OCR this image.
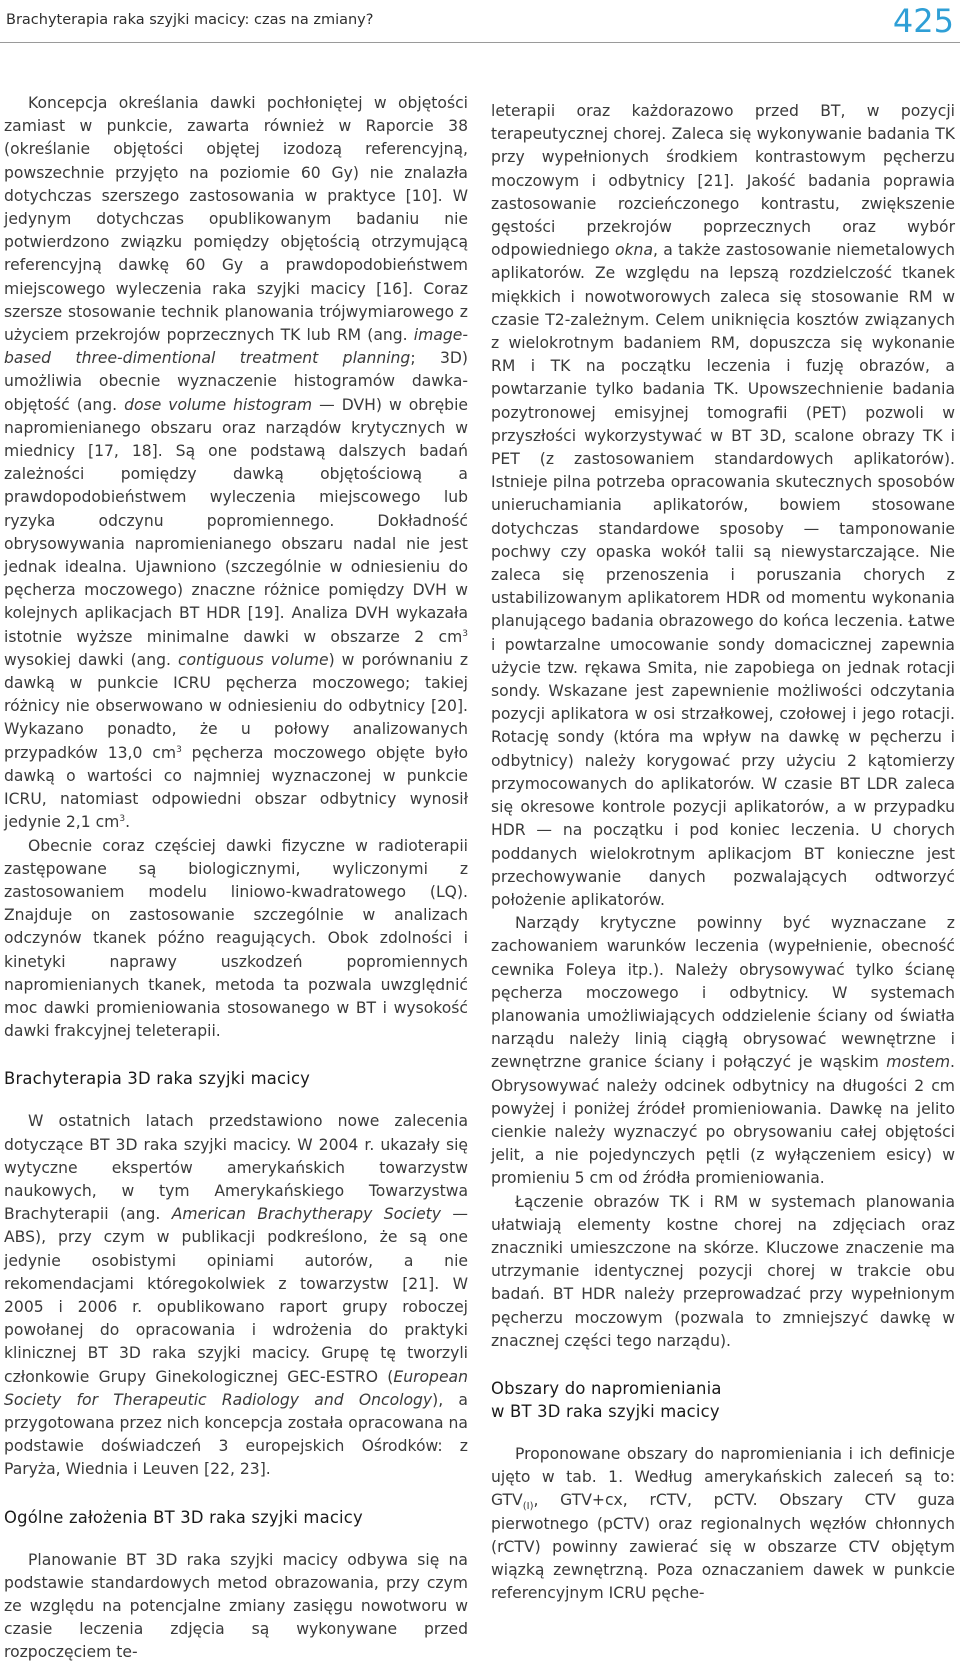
Brachyterapia raka szyjki macicy: czas na zmiany?	425

Koncepcja określania dawki pochłoniętej w objętości zamiast w punkcie, zawarta również w Raporcie 38 (określanie objętości objętej izodozą referencyjną, powszechnie przyjęto na poziomie 60 Gy) nie znalazła dotychczas szerszego zastosowania w praktyce [10]. W jedynym dotychczas opublikowanym badaniu nie potwierdzono związku pomiędzy objętością otrzymującą referencyjną dawkę 60 Gy a prawdopodobieństwem miejscowego wyleczenia raka szyjki macicy [16]. Coraz szersze stosowanie technik planowania trójwymiarowego z użyciem przekrojów poprzecznych TK lub RM (ang. image-based three-dimentional treatment planning; 3D) umożliwia obecnie wyznaczenie histogramów dawka-objętość (ang. dose volume histogram — DVH) w obrębie napromienianego obszaru oraz narządów krytycznych w miednicy [17, 18]. Są one podstawą dalszych badań zależności pomiędzy dawką objętościową a prawdopodobieństwem wyleczenia miejscowego lub ryzyka odczynu popromiennego. Dokładność obrysowywania napromienianego obszaru nadal nie jest jednak idealna. Ujawniono (szczególnie w odniesieniu do pęcherza moczowego) znaczne różnice pomiędzy DVH w kolejnych aplikacjach BT HDR [19]. Analiza DVH wykazała istotnie wyższe minimalne dawki w obszarze 2 $cm^3$ wysokiej dawki (ang. contiguous volume) w porównaniu z dawką w punkcie ICRU pęcherza moczowego; takiej różnicy nie obserwowano w odniesieniu do odbytnicy [20]. Wykazano ponadto, że u połowy analizowanych przypadków 13,0 $cm^3$ pęcherza moczowego objęte było dawką o wartości co najmniej wyznaczonej w punkcie ICRU, natomiast odpowiedni obszar odbytnicy wynosił jedynie 2,1 $cm^3$.

Obecnie coraz częściej dawki fizyczne w radioterapii zastępowane są biologicznymi, wyliczonymi z zastosowaniem modelu liniowo-kwadratowego (LQ). Znajduje on zastosowanie szczególnie w analizach odczynów tkanek późno reagujących. Obok zdolności i kinetyki naprawy uszkodzeń popromiennych napromienianych tkanek, metoda ta pozwala uwzględnić moc dawki promieniowania stosowanego w BT i wysokość dawki frakcyjnej teleterapii.

Brachyterapia 3D raka szyjki macicy

W ostatnich latach przedstawiono nowe zalecenia dotyczące BT 3D raka szyjki macicy. W 2004 r. ukazały się wytyczne ekspertów amerykańskich towarzystw naukowych, w tym Amerykańskiego Towarzystwa Brachyterapii (ang. American Brachytherapy Society — ABS), przy czym w publikacji podkreślono, że są one jedynie osobistymi opiniami autorów, a nie rekomendacjami któregokolwiek z towarzystw [21]. W 2005 i 2006 r. opublikowano raport grupy roboczej powołanej do opracowania i wdrożenia do praktyki klinicznej BT 3D raka szyjki macicy. Grupę tę tworzyli członkowie Grupy Ginekologicznej GEC-ESTRO (European Society for Therapeutic Radiology and Oncology), a przygotowana przez nich koncepcja została opracowana na podstawie doświadczeń 3 europejskich Ośrodków: z Paryża, Wiednia i Leuven [22, 23].

Ogólne założenia BT 3D raka szyjki macicy

Planowanie BT 3D raka szyjki macicy odbywa się na podstawie standardowych metod obrazowania, przy czym ze względu na potencjalne zmiany zasięgu nowotworu w czasie leczenia zdjęcia są wykonywane przed rozpoczęciem te-

leterapii oraz każdorazowo przed BT, w pozycji terapeutycznej chorej. Zaleca się wykonywanie badania TK przy wypełnionych środkiem kontrastowym pęcherzu moczowym i odbytnicy [21]. Jakość badania poprawia zastosowanie rozcieńczonego kontrastu, zwiększenie gęstości przekrojów poprzecznych oraz wybór odpowiedniego okna, a także zastosowanie niemetalowych aplikatorów. Ze względu na lepszą rozdzielczość tkanek miękkich i nowotworowych zaleca się stosowanie RM w czasie T2-zależnym. Celem uniknięcia kosztów związanych z wielokrotnym badaniem RM, dopuszcza się wykonanie RM i TK na początku leczenia i fuzję obrazów, a powtarzanie tylko badania TK. Upowszechnienie badania pozytronowej emisyjnej tomografii (PET) pozwoli w przyszłości wykorzystywać w BT 3D, scalone obrazy TK i PET (z zastosowaniem standardowych aplikatorów). Istnieje pilna potrzeba opracowania skutecznych sposobów unieruchamiania aplikatorów, bowiem stosowane dotychczas standardowe sposoby — tamponowanie pochwy czy opaska wokół talii są niewystarczające. Nie zaleca się przenoszenia i poruszania chorych z ustabilizowanym aplikatorem HDR od momentu wykonania planującego badania obrazowego do końca leczenia. Łatwe i powtarzalne umocowanie sondy domacicznej zapewnia użycie tzw. rękawa Smita, nie zapobiega on jednak rotacji sondy. Wskazane jest zapewnienie możliwości odczytania pozycji aplikatora w osi strzałkowej, czołowej i jego rotacji. Rotację sondy (która ma wpływ na dawkę w pęcherzu i odbytnicy) należy korygować przy użyciu 2 kątomierzy przymocowanych do aplikatorów. W czasie BT LDR zaleca się okresowe kontrole pozycji aplikatorów, a w przypadku HDR — na początku i pod koniec leczenia. U chorych poddanych wielokrotnym aplikacjom BT konieczne jest przechowywanie danych pozwalających odtworzyć położenie aplikatorów.

Narządy krytyczne powinny być wyznaczane z zachowaniem warunków leczenia (wypełnienie, obecność cewnika Foleya itp.). Należy obrysowywać tylko ścianę pęcherza moczowego i odbytnicy. W systemach planowania umożliwiających oddzielenie ściany od światła narządu należy linią ciągłą obrysować wewnętrzne i zewnętrzne granice ściany i połączyć je wąskim mostem. Obrysowywać należy odcinek odbytnicy na długości 2 cm powyżej i poniżej źródeł promieniowania. Dawkę na jelito cienkie należy wyznaczyć po obrysowaniu całej objętości jelit, a nie pojedynczych pętli (z wyłączeniem esicy) w promieniu 5 cm od źródła promieniowania.

Łączenie obrazów TK i RM w systemach planowania ułatwiają elementy kostne chorej na zdjęciach oraz znaczniki umieszczone na skórze. Kluczowe znaczenie ma utrzymanie identycznej pozycji chorej w trakcie obu badań. BT HDR należy przeprowadzać przy wypełnionym pęcherzu moczowym (pozwala to zmniejszyć dawkę w znacznej części tego narządu).

Obszary do napromieniania
w BT 3D raka szyjki macicy

Proponowane obszary do napromieniania i ich definicje ujęto w tab. 1. Według amerykańskich zaleceń są to: $GTV_{(I)}$, GTV+cx, rCTV, pCTV. Obszary CTV guza pierwotnego (pCTV) oraz regionalnych węzłów chłonnych (rCTV) powinny zawierać się w obszarze CTV objętym wiązką zewnętrzną. Poza oznaczaniem dawek w punkcie referencyjnym ICRU pęche-
